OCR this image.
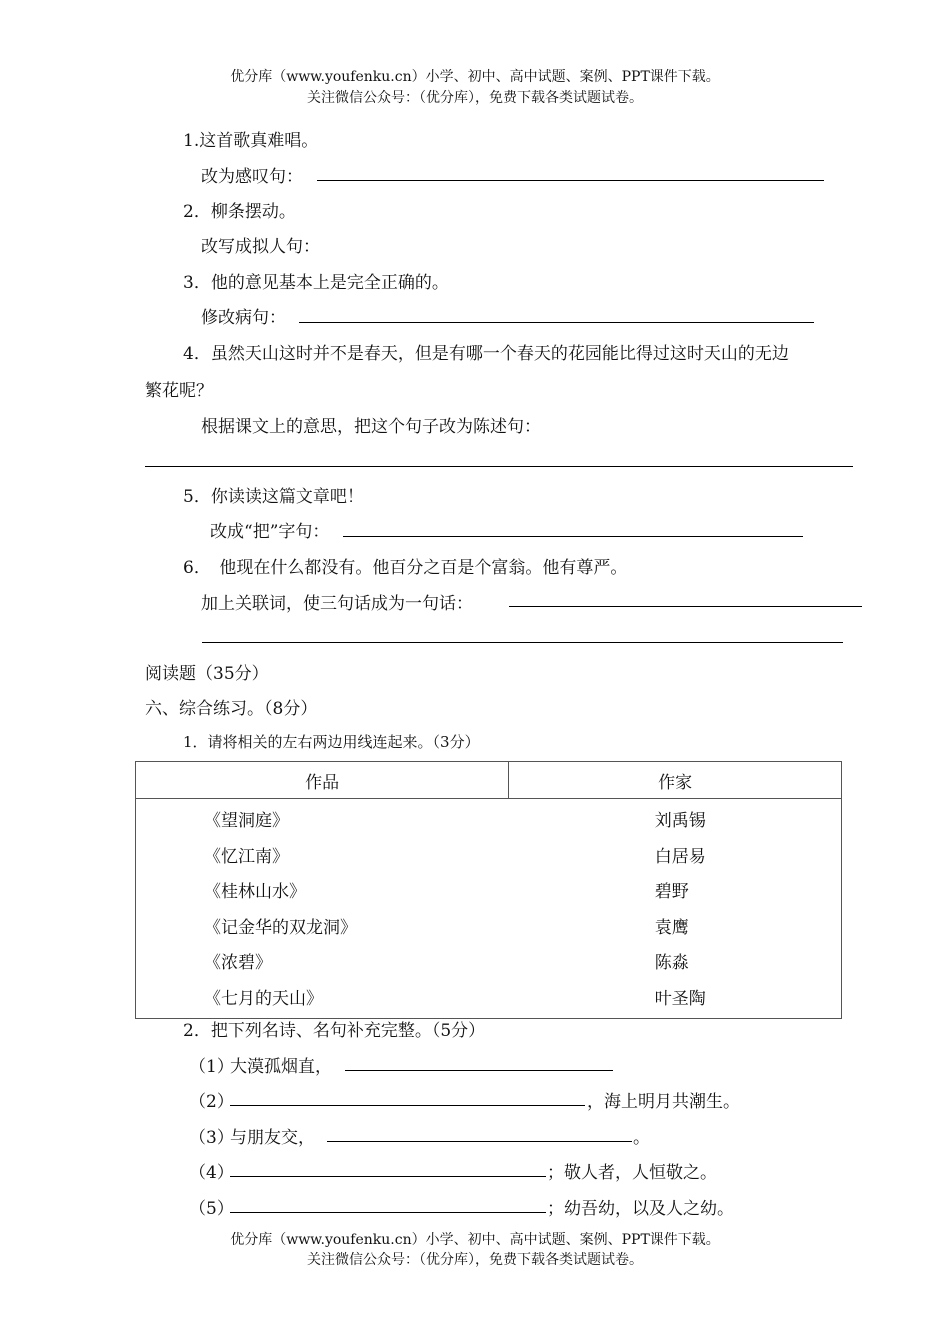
优分库（www.youfenku.cn）小学、初中、高中试题、案例、PPT课件下载。
关注微信公众号：（优分库），免费下载各类试题试卷。
1.这首歌真难唱。
改为感叹句：
2．柳条摆动。
改写成拟人句：
3．他的意见基本上是完全正确的。
修改病句：
4．虽然天山这时并不是春天，但是有哪一个春天的花园能比得过这时天山的无边
繁花呢？
根据课文上的意思，把这个句子改为陈述句：
5．你读读这篇文章吧！
改成“把”字句：
6．　他现在什么都没有。他百分之百是个富翁。他有尊严。
加上关联词，使三句话成为一句话：
阅读题（35分）
六、综合练习。（8分）
1．请将相关的左右两边用线连起来。（3分）
作品	作家
《望洞庭》	刘禹锡
《忆江南》	白居易
《桂林山水》	碧野
《记金华的双龙洞》	袁鹰
《浓碧》	陈淼
《七月的天山》	叶圣陶
2．把下列名诗、名句补充完整。（5分）
（1）
大漠孤烟直，
（2）	，海上明月共潮生。
（3）
与朋友交，	。
（4）	；敬人者，人恒敬之。
（5）	；幼吾幼，以及人之幼。
优分库（www.youfenku.cn）小学、初中、高中试题、案例、PPT课件下载。
关注微信公众号：（优分库），免费下载各类试题试卷。
